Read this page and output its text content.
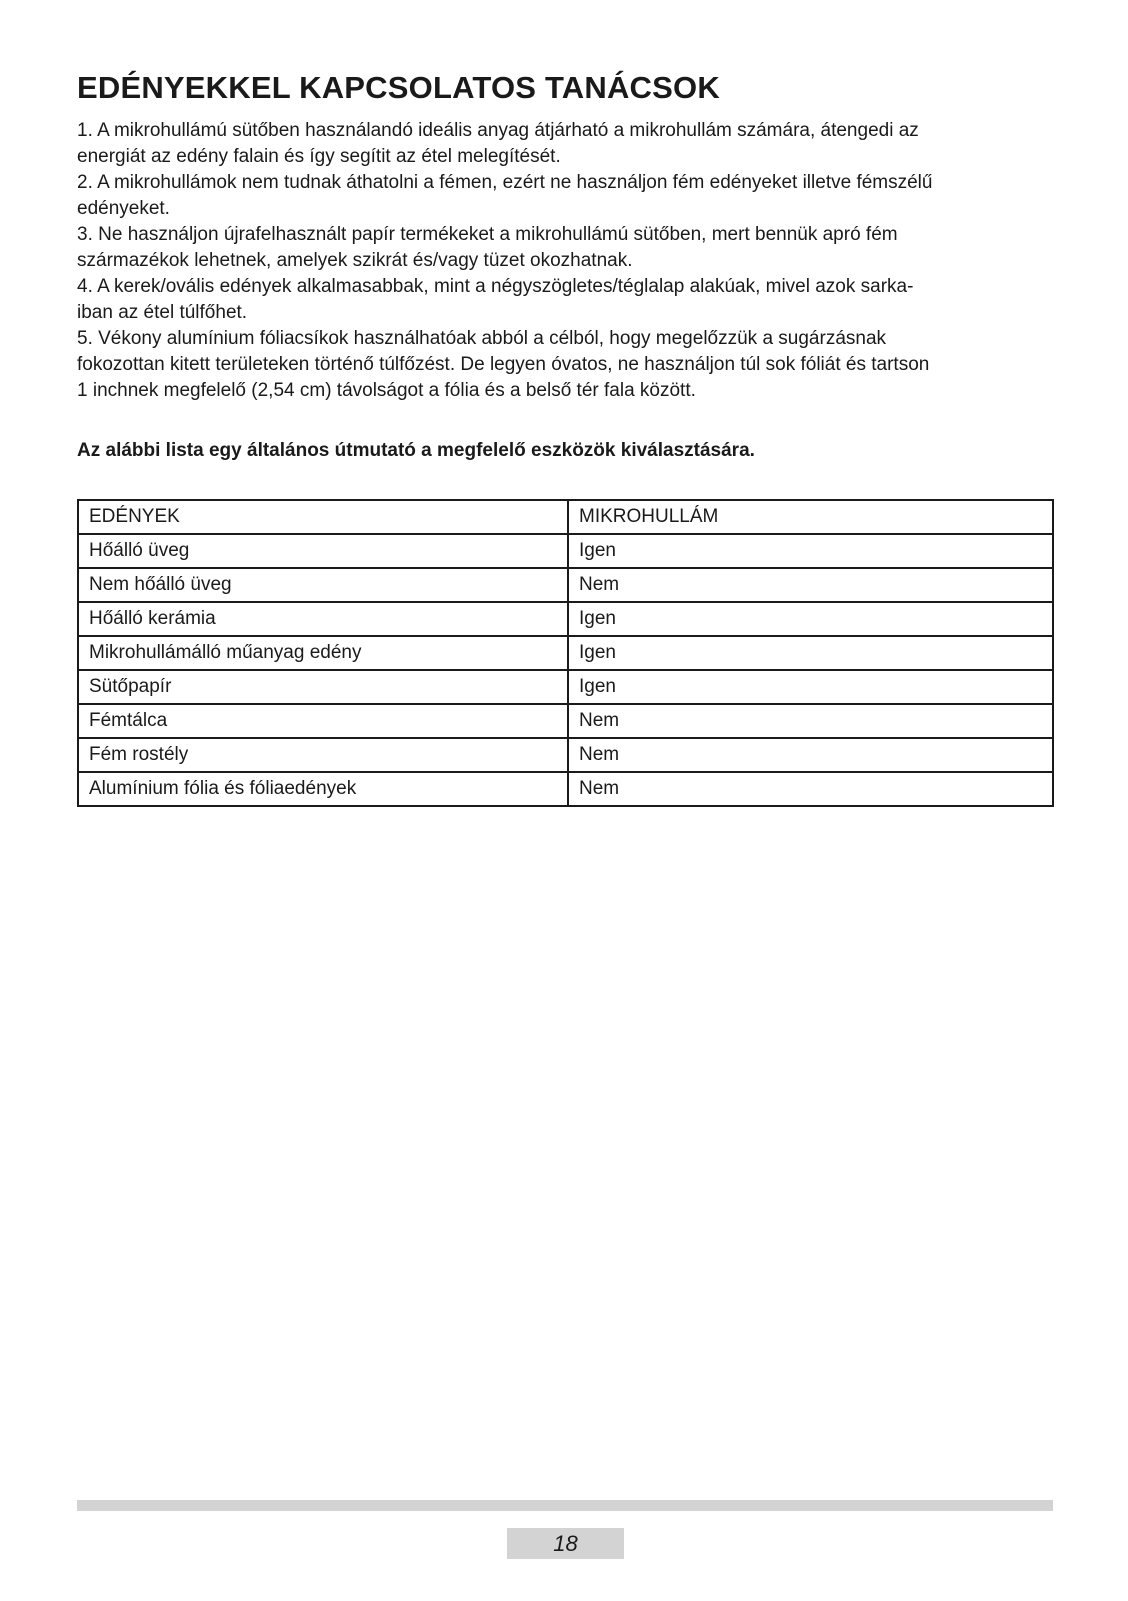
EDÉNYEKKEL KAPCSOLATOS TANÁCSOK

1. A mikrohullámú sütőben használandó ideális anyag átjárható a mikrohullám számára, átengedi az

energiát az edény falain és így segítit az étel melegítését.

2. A mikrohullámok nem tudnak áthatolni a fémen, ezért ne használjon fém edényeket illetve fémszélű

edényeket.

3. Ne használjon újrafelhasznált papír termékeket a mikrohullámú sütőben, mert bennük apró fém

származékok lehetnek, amelyek szikrát és/vagy tüzet okozhatnak.

4. A kerek/ovális edények alkalmasabbak, mint a négyszögletes/téglalap alakúak, mivel azok sarka-

iban az étel túlfőhet.

5. Vékony alumínium fóliacsíkok használhatóak abból a célból, hogy megelőzzük a sugárzásnak

fokozottan kitett területeken történő túlfőzést. De legyen óvatos, ne használjon túl sok fóliát és tartson

1 inchnek megfelelő (2,54 cm) távolságot a fólia és a belső tér fala között.

Az alábbi lista egy általános útmutató a megfelelő eszközök kiválasztására.

EDÉNYEK	MIKROHULLÁM
Hőálló üveg	Igen
Nem hőálló üveg	Nem
Hőálló kerámia	Igen
Mikrohullámálló műanyag edény	Igen
Sütőpapír	Igen
Fémtálca	Nem
Fém rostély	Nem
Alumínium fólia és fóliaedények	Nem
18
